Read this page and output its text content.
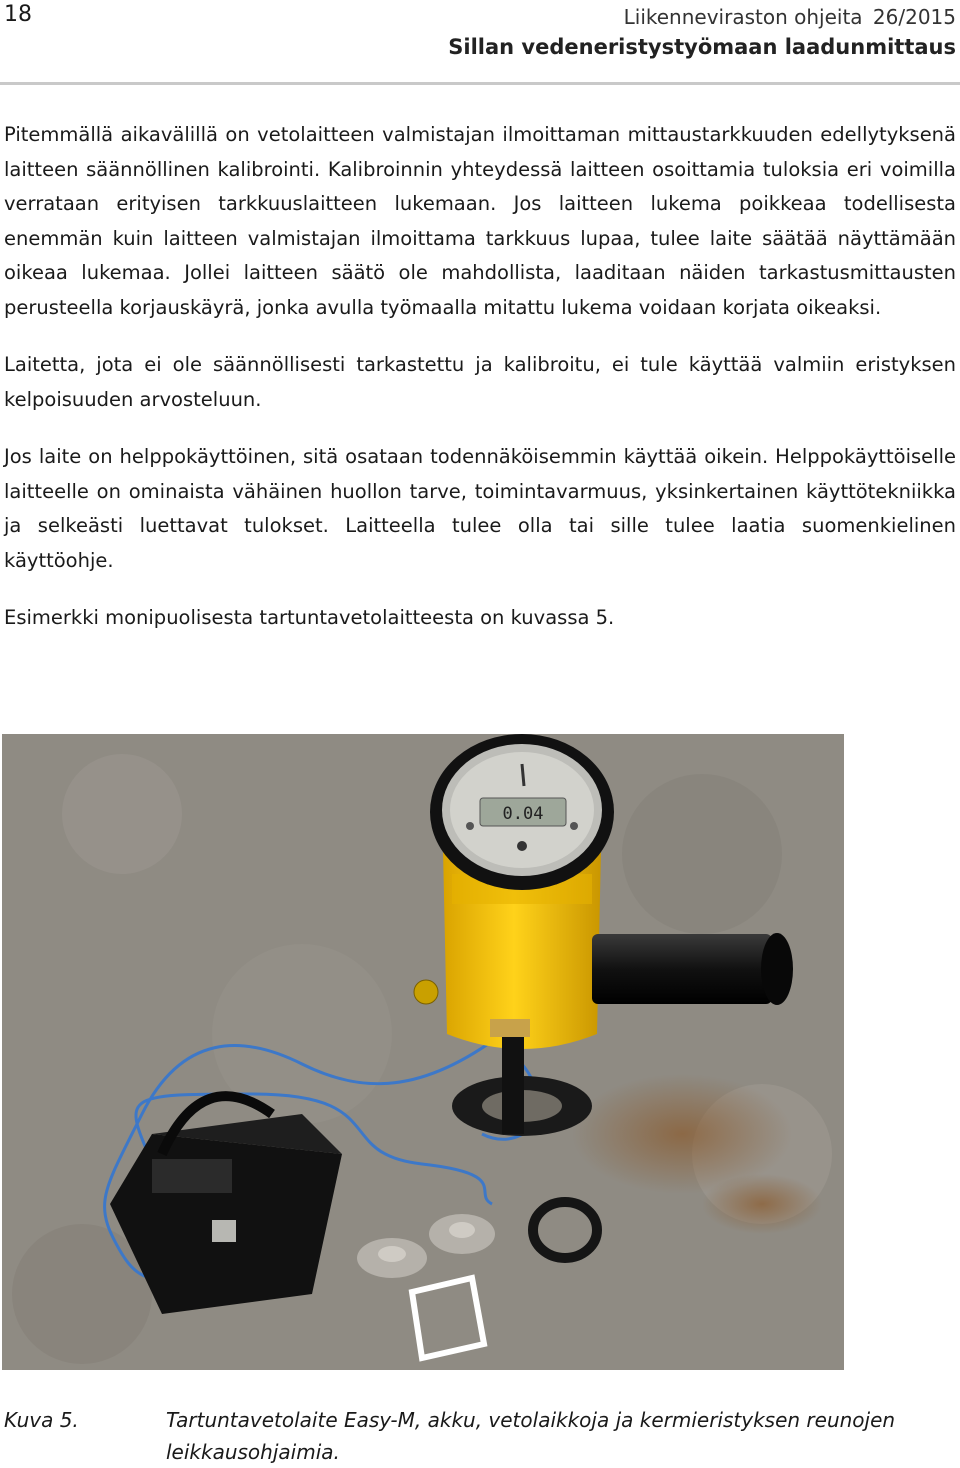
18	Liikenneviraston ohjeita 26/2015
Sillan vedeneristystyömaan laadunmittaus

Pitemmällä aikavälillä on vetolaitteen valmistajan ilmoittaman mittaustarkkuuden edellytyksenä laitteen säännöllinen kalibrointi. Kalibroinnin yhteydessä laitteen osoittamia tuloksia eri voimilla verrataan erityisen tarkkuuslaitteen lukemaan. Jos laitteen lukema poikkeaa todellisesta enemmän kuin laitteen valmistajan ilmoittama tarkkuus lupaa, tulee laite säätää näyttämään oikeaa lukemaa. Jollei laitteen säätö ole mahdollista, laaditaan näiden tarkastusmittausten perusteella korjauskäyrä, jonka avulla työmaalla mitattu lukema voidaan korjata oikeaksi.

Laitetta, jota ei ole säännöllisesti tarkastettu ja kalibroitu, ei tule käyttää valmiin eristyksen kelpoisuuden arvosteluun.

Jos laite on helppokäyttöinen, sitä osataan todennäköisemmin käyttää oikein. Helppokäyttöiselle laitteelle on ominaista vähäinen huollon tarve, toimintavarmuus, yksinkertainen käyttötekniikka ja selkeästi luettavat tulokset. Laitteella tulee olla tai sille tulee laatia suomenkielinen käyttöohje.

Esimerkki monipuolisesta tartuntavetolaitteesta on kuvassa 5.

0.04
Kuva 5.	Tartuntavetolaite Easy-M, akku, vetolaikkoja ja kermieristyksen reunojen leikkausohjaimia.
